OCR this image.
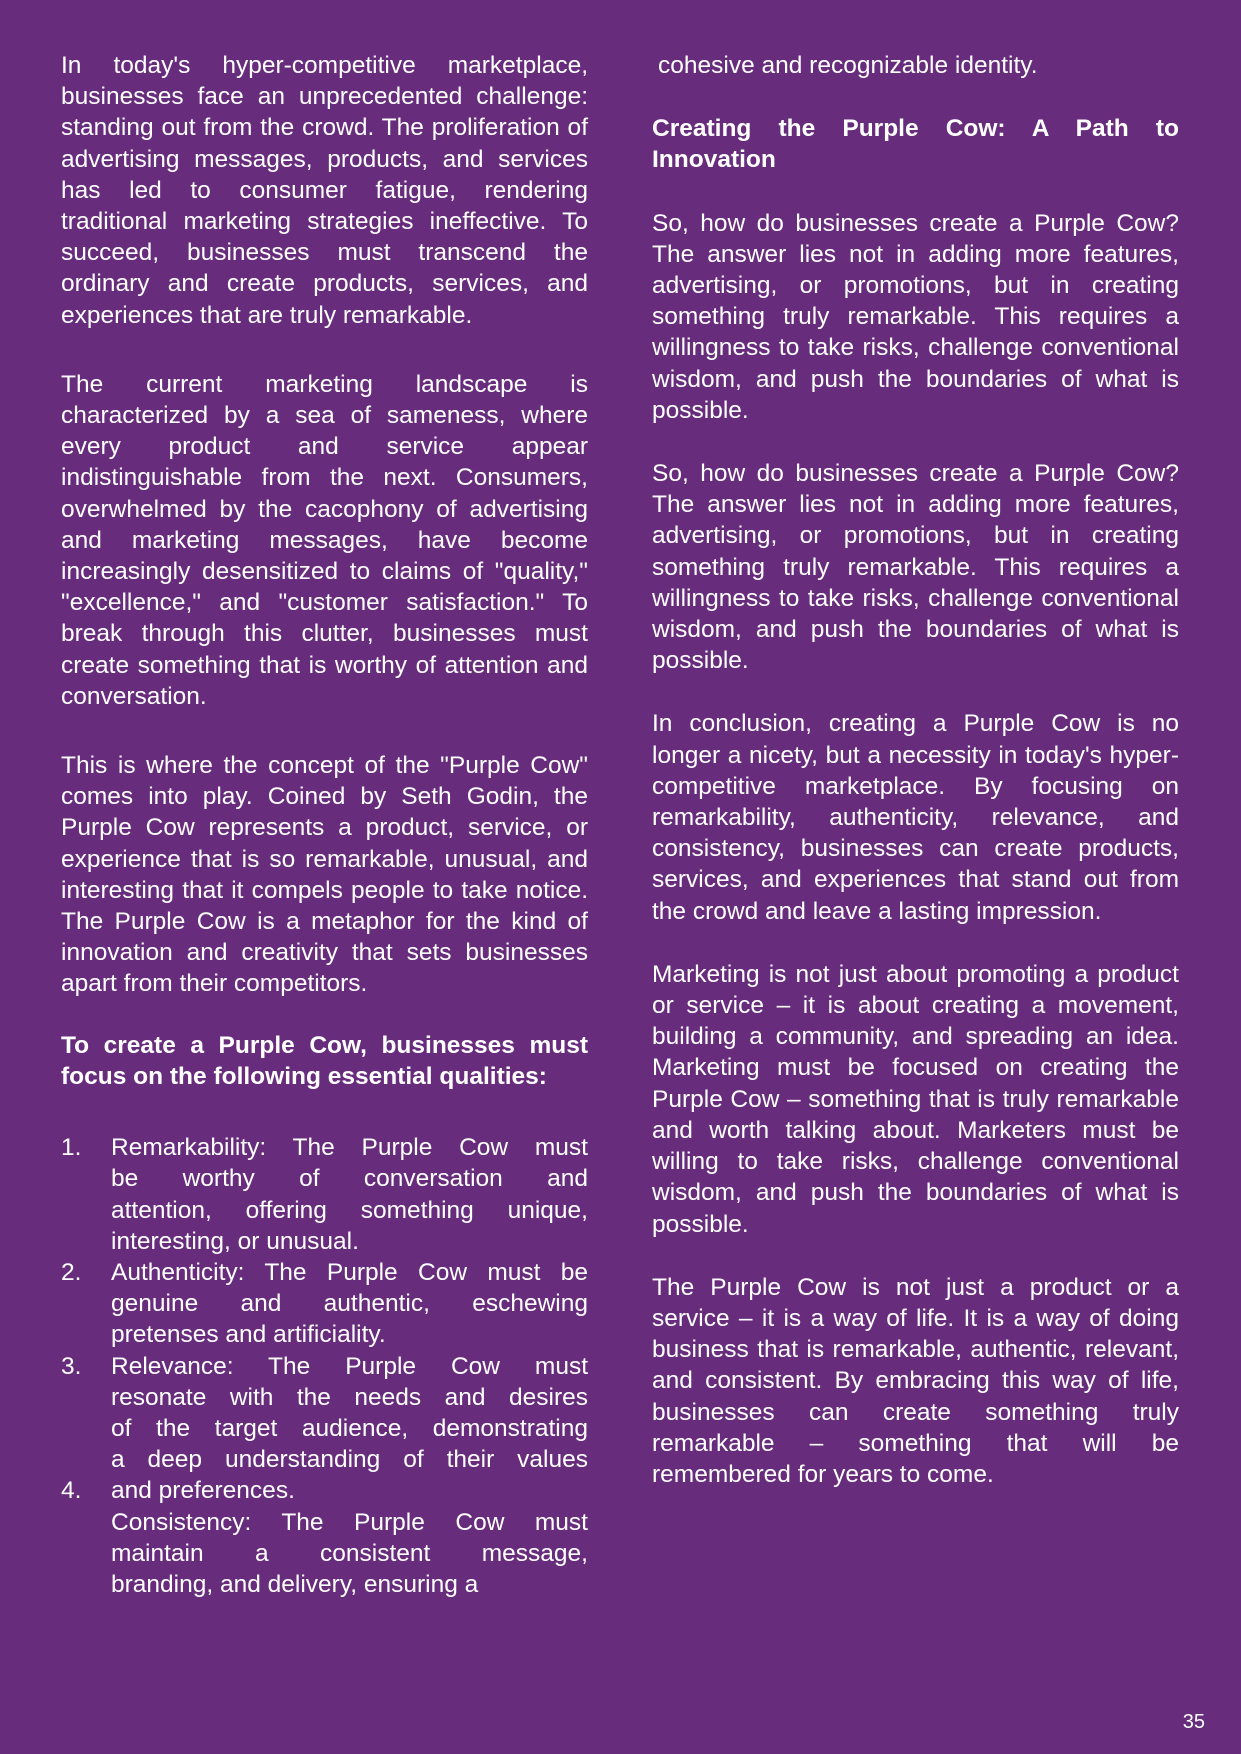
In today's hyper-competitive marketplace, businesses face an unprecedented challenge: standing out from the crowd. The proliferation of advertising messages, products, and services has led to consumer fatigue, rendering traditional marketing strategies ineffective. To succeed, businesses must transcend the ordinary and create products, services, and experiences that are truly remarkable.

The current marketing landscape is characterized by a sea of sameness, where every product and service appear indistinguishable from the next. Consumers, overwhelmed by the cacophony of advertising and marketing messages, have become increasingly desensitized to claims of "quality," "excellence," and "customer satisfaction." To break through this clutter, businesses must create something that is worthy of attention and conversation.

This is where the concept of the "Purple Cow" comes into play. Coined by Seth Godin, the Purple Cow represents a product, service, or experience that is so remarkable, unusual, and interesting that it compels people to take notice. The Purple Cow is a metaphor for the kind of innovation and creativity that sets businesses apart from their competitors.

To create a Purple Cow, businesses must focus on the following essential qualities:

1. Remarkability: The Purple Cow must
be worthy of conversation and
attention, offering something unique,
interesting, or unusual.
2. Authenticity: The Purple Cow must be
genuine and authentic, eschewing
pretenses and artificiality.
3. Relevance: The Purple Cow must
resonate with the needs and desires
of the target audience, demonstrating
a deep understanding of their values
4. and preferences.
Consistency: The Purple Cow must
maintain a consistent message,
branding, and delivery, ensuring a

cohesive and recognizable identity.

Creating the Purple Cow: A Path to Innovation

So, how do businesses create a Purple Cow? The answer lies not in adding more features, advertising, or promotions, but in creating something truly remarkable. This requires a willingness to take risks, challenge conventional wisdom, and push the boundaries of what is possible.

So, how do businesses create a Purple Cow? The answer lies not in adding more features, advertising, or promotions, but in creating something truly remarkable. This requires a willingness to take risks, challenge conventional wisdom, and push the boundaries of what is possible.

In conclusion, creating a Purple Cow is no longer a nicety, but a necessity in today's hyper-competitive marketplace. By focusing on remarkability, authenticity, relevance, and consistency, businesses can create products, services, and experiences that stand out from the crowd and leave a lasting impression.

Marketing is not just about promoting a product or service – it is about creating a movement, building a community, and spreading an idea. Marketing must be focused on creating the Purple Cow – something that is truly remarkable and worth talking about. Marketers must be willing to take risks, challenge conventional wisdom, and push the boundaries of what is possible.

The Purple Cow is not just a product or a service – it is a way of life. It is a way of doing business that is remarkable, authentic, relevant, and consistent. By embracing this way of life, businesses can create something truly remarkable – something that will be remembered for years to come.

35
